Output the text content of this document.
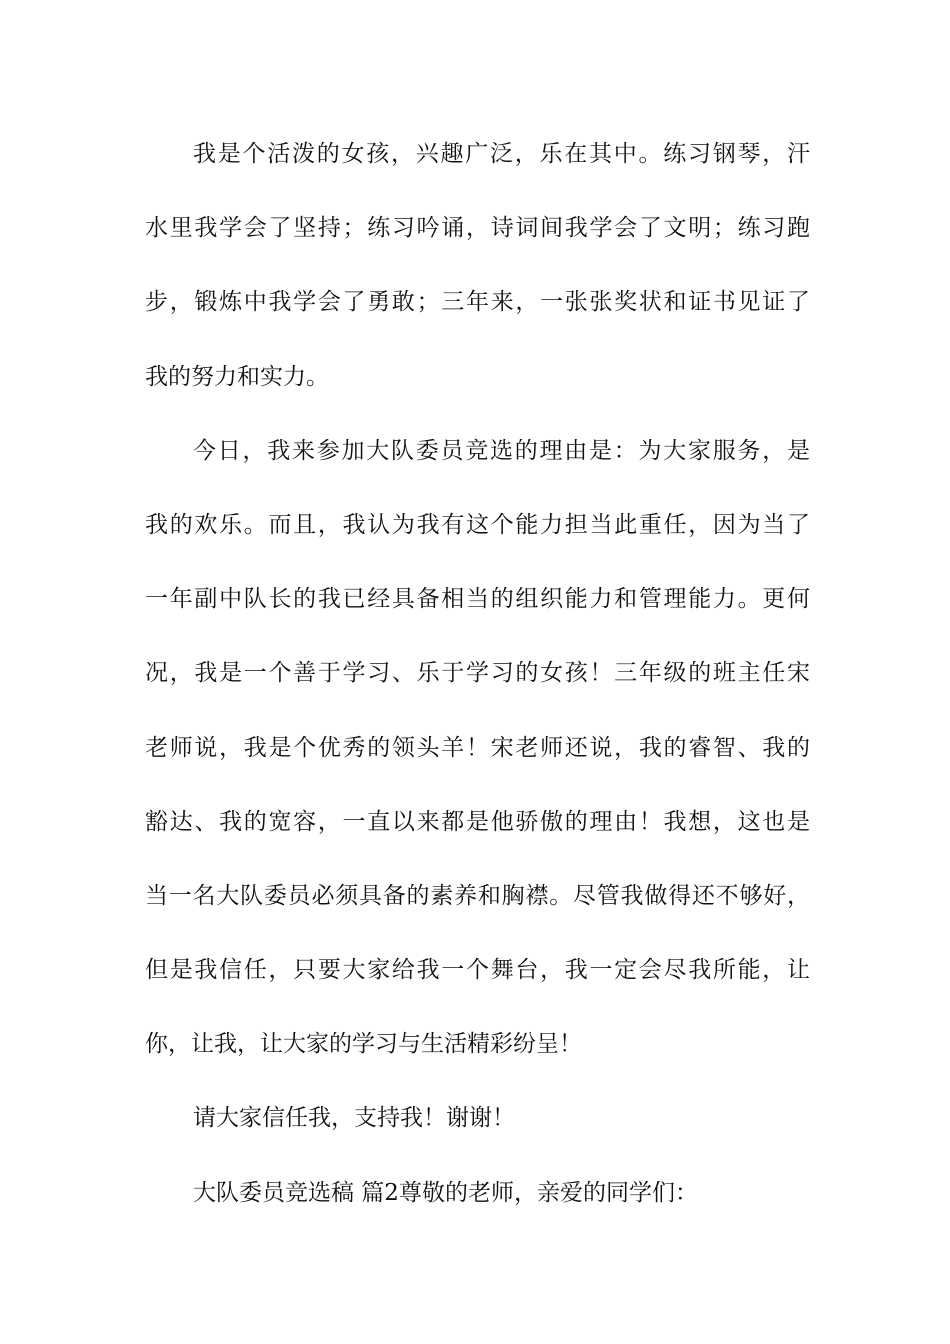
我是个活泼的女孩，兴趣广泛，乐在其中。练习钢琴，汗
水里我学会了坚持；练习吟诵，诗词间我学会了文明；练习跑
步，锻炼中我学会了勇敢；三年来，一张张奖状和证书见证了
我的努力和实力。
今日，我来参加大队委员竞选的理由是：为大家服务，是
我的欢乐。而且，我认为我有这个能力担当此重任，因为当了
一年副中队长的我已经具备相当的组织能力和管理能力。更何
况，我是一个善于学习、乐于学习的女孩！三年级的班主任宋
老师说，我是个优秀的领头羊！宋老师还说，我的睿智、我的
豁达、我的宽容，一直以来都是他骄傲的理由！我想，这也是
当一名大队委员必须具备的素养和胸襟。尽管我做得还不够好，
但是我信任，只要大家给我一个舞台，我一定会尽我所能，让
你，让我，让大家的学习与生活精彩纷呈！
请大家信任我，支持我！谢谢！
大队委员竞选稿 篇2尊敬的老师，亲爱的同学们：
